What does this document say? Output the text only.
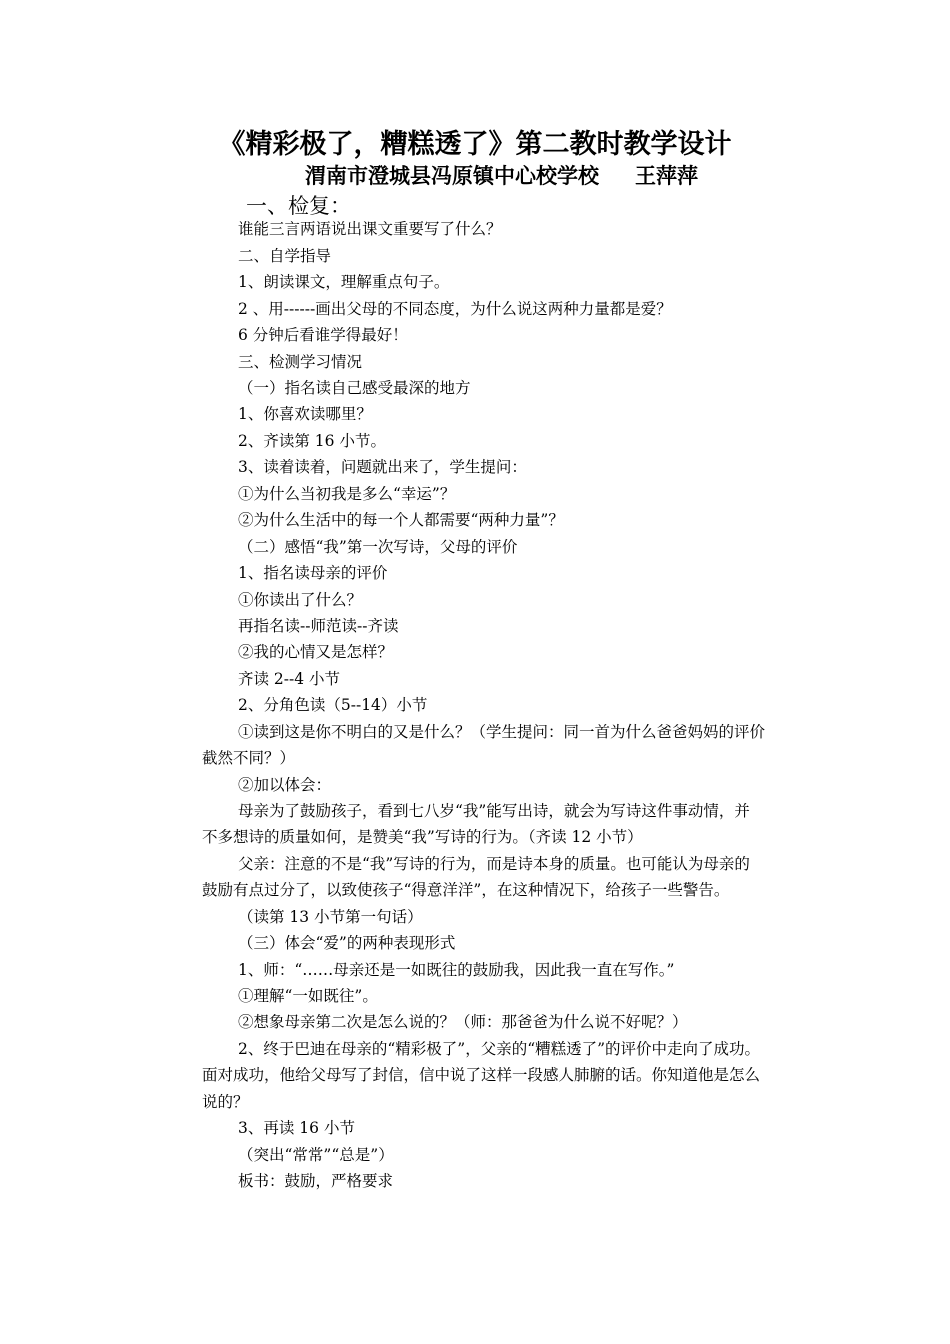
《精彩极了，糟糕透了》第二教时教学设计
渭南市澄城县冯原镇中心校学校 王萍萍
一、检复：
谁能三言两语说出课文重要写了什么？
二、自学指导
1、朗读课文，理解重点句子。
2 、用------画出父母的不同态度，为什么说这两种力量都是爱？
6 分钟后看谁学得最好！
三、检测学习情况
（一）指名读自己感受最深的地方
1、你喜欢读哪里？
2、齐读第 16 小节。
3、读着读着，问题就出来了，学生提问：
①为什么当初我是多么“幸运”？
②为什么生活中的每一个人都需要“两种力量”？
（二）感悟“我”第一次写诗，父母的评价
1、指名读母亲的评价
①你读出了什么？
再指名读--师范读--齐读
②我的心情又是怎样？
齐读 2--4 小节
2、分角色读（5--14）小节
①读到这是你不明白的又是什么？（学生提问：同一首为什么爸爸妈妈的评价
截然不同？）
②加以体会：
母亲为了鼓励孩子，看到七八岁“我”能写出诗，就会为写诗这件事动情，并
不多想诗的质量如何，是赞美“我”写诗的行为。（齐读 12 小节）
父亲：注意的不是“我”写诗的行为，而是诗本身的质量。也可能认为母亲的
鼓励有点过分了，以致使孩子“得意洋洋”，在这种情况下，给孩子一些警告。
（读第 13 小节第一句话）
（三）体会“爱”的两种表现形式
1、师：“……母亲还是一如既往的鼓励我，因此我一直在写作。”
①理解“一如既往”。
②想象母亲第二次是怎么说的？（师：那爸爸为什么说不好呢？）
2、终于巴迪在母亲的“精彩极了”，父亲的“糟糕透了”的评价中走向了成功。
面对成功，他给父母写了封信，信中说了这样一段感人肺腑的话。你知道他是怎么
说的？
3、再读 16 小节
（突出“常常”“总是”）
板书：鼓励，严格要求
